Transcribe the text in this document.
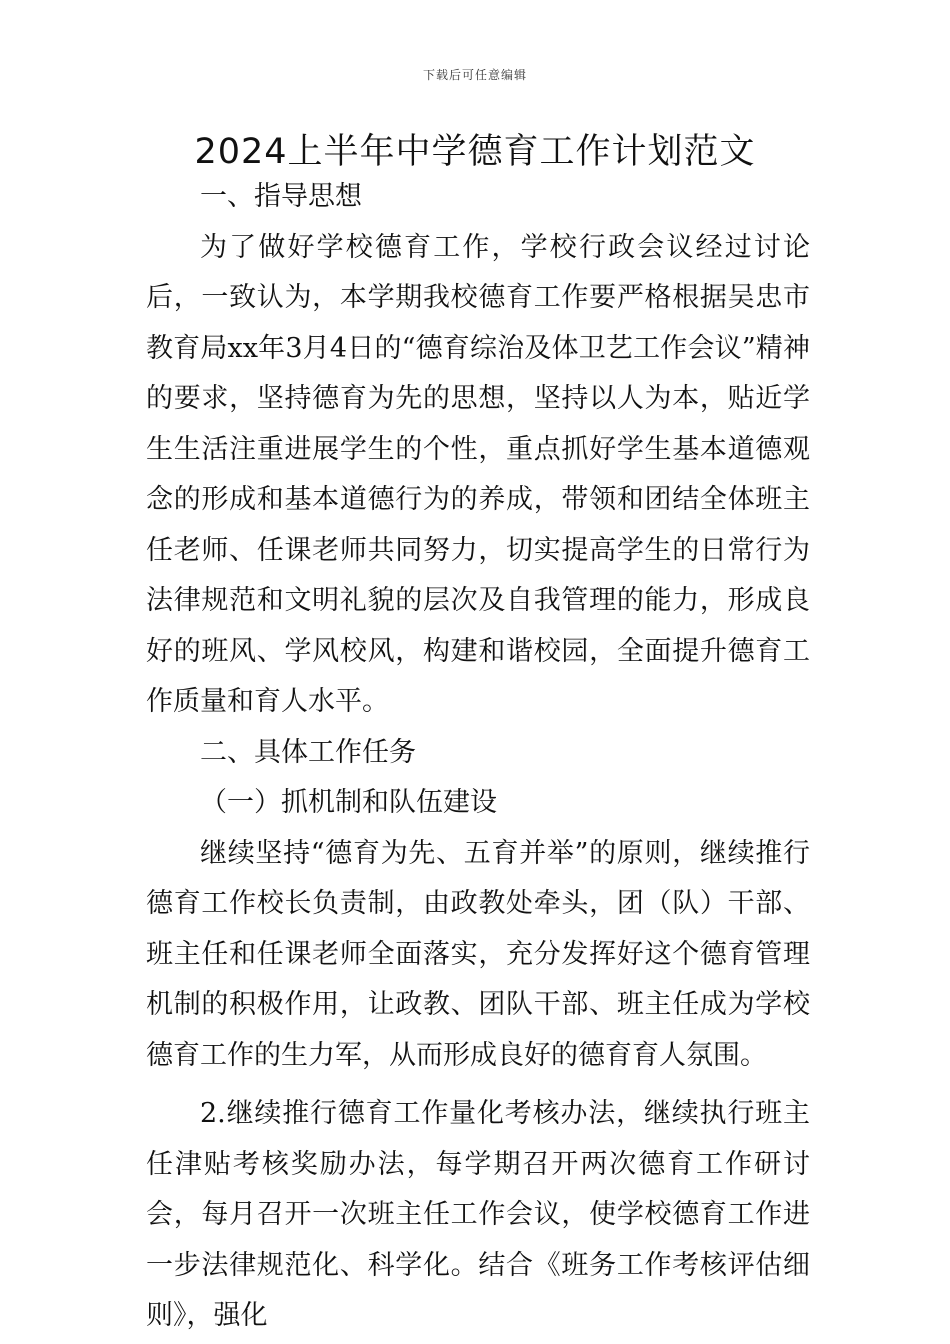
下载后可任意编辑
2024上半年中学德育工作计划范文

一、指导思想

为了做好学校德育工作，学校行政会议经过讨论后，一致认为，本学期我校德育工作要严格根据吴忠市教育局xx年3月4日的“德育综治及体卫艺工作会议”精神的要求，坚持德育为先的思想，坚持以人为本，贴近学生生活注重进展学生的个性，重点抓好学生基本道德观念的形成和基本道德行为的养成，带领和团结全体班主任老师、任课老师共同努力，切实提高学生的日常行为法律规范和文明礼貌的层次及自我管理的能力，形成良好的班风、学风校风，构建和谐校园，全面提升德育工作质量和育人水平。

二、具体工作任务

（一）抓机制和队伍建设

继续坚持“德育为先、五育并举”的原则，继续推行德育工作校长负责制，由政教处牵头，团（队）干部、班主任和任课老师全面落实，充分发挥好这个德育管理机制的积极作用，让政教、团队干部、班主任成为学校德育工作的生力军，从而形成良好的德育育人氛围。

2.继续推行德育工作量化考核办法，继续执行班主任津贴考核奖励办法，每学期召开两次德育工作研讨会，每月召开一次班主任工作会议，使学校德育工作进一步法律规范化、科学化。结合《班务工作考核评估细则》，强化
